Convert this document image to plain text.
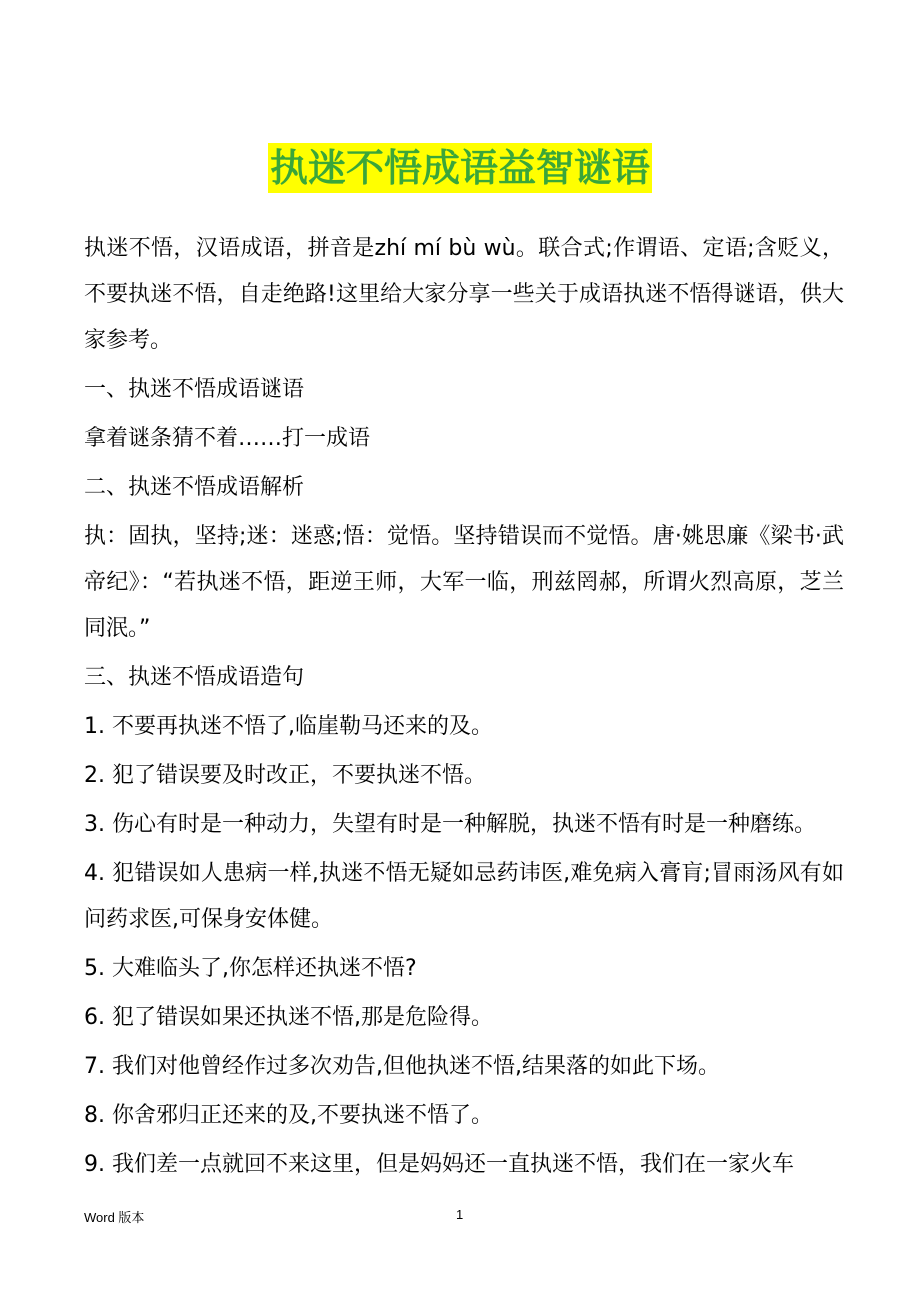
执迷不悟成语益智谜语

执迷不悟，汉语成语，拼音是zhí mí bù wù。联合式;作谓语、定语;含贬义，不要执迷不悟，自走绝路!这里给大家分享一些关于成语执迷不悟得谜语，供大家参考。

一、执迷不悟成语谜语

拿着谜条猜不着……打一成语

二、执迷不悟成语解析

执：固执，坚持;迷：迷惑;悟：觉悟。坚持错误而不觉悟。唐·姚思廉《梁书·武帝纪》：“若执迷不悟，距逆王师，大军一临，刑兹罔郝，所谓火烈高原，芝兰同泯。”

三、执迷不悟成语造句

1. 不要再执迷不悟了,临崖勒马还来的及。

2. 犯了错误要及时改正，不要执迷不悟。

3. 伤心有时是一种动力，失望有时是一种解脱，执迷不悟有时是一种磨练。

4. 犯错误如人患病一样,执迷不悟无疑如忌药讳医,难免病入膏肓;冒雨汤风有如问药求医,可保身安体健。

5. 大难临头了,你怎样还执迷不悟?

6. 犯了错误如果还执迷不悟,那是危险得。

7. 我们对他曾经作过多次劝告,但他执迷不悟,结果落的如此下场。

8. 你舍邪归正还来的及,不要执迷不悟了。

9. 我们差一点就回不来这里，但是妈妈还一直执迷不悟，我们在一家火车

Word 版本	1
